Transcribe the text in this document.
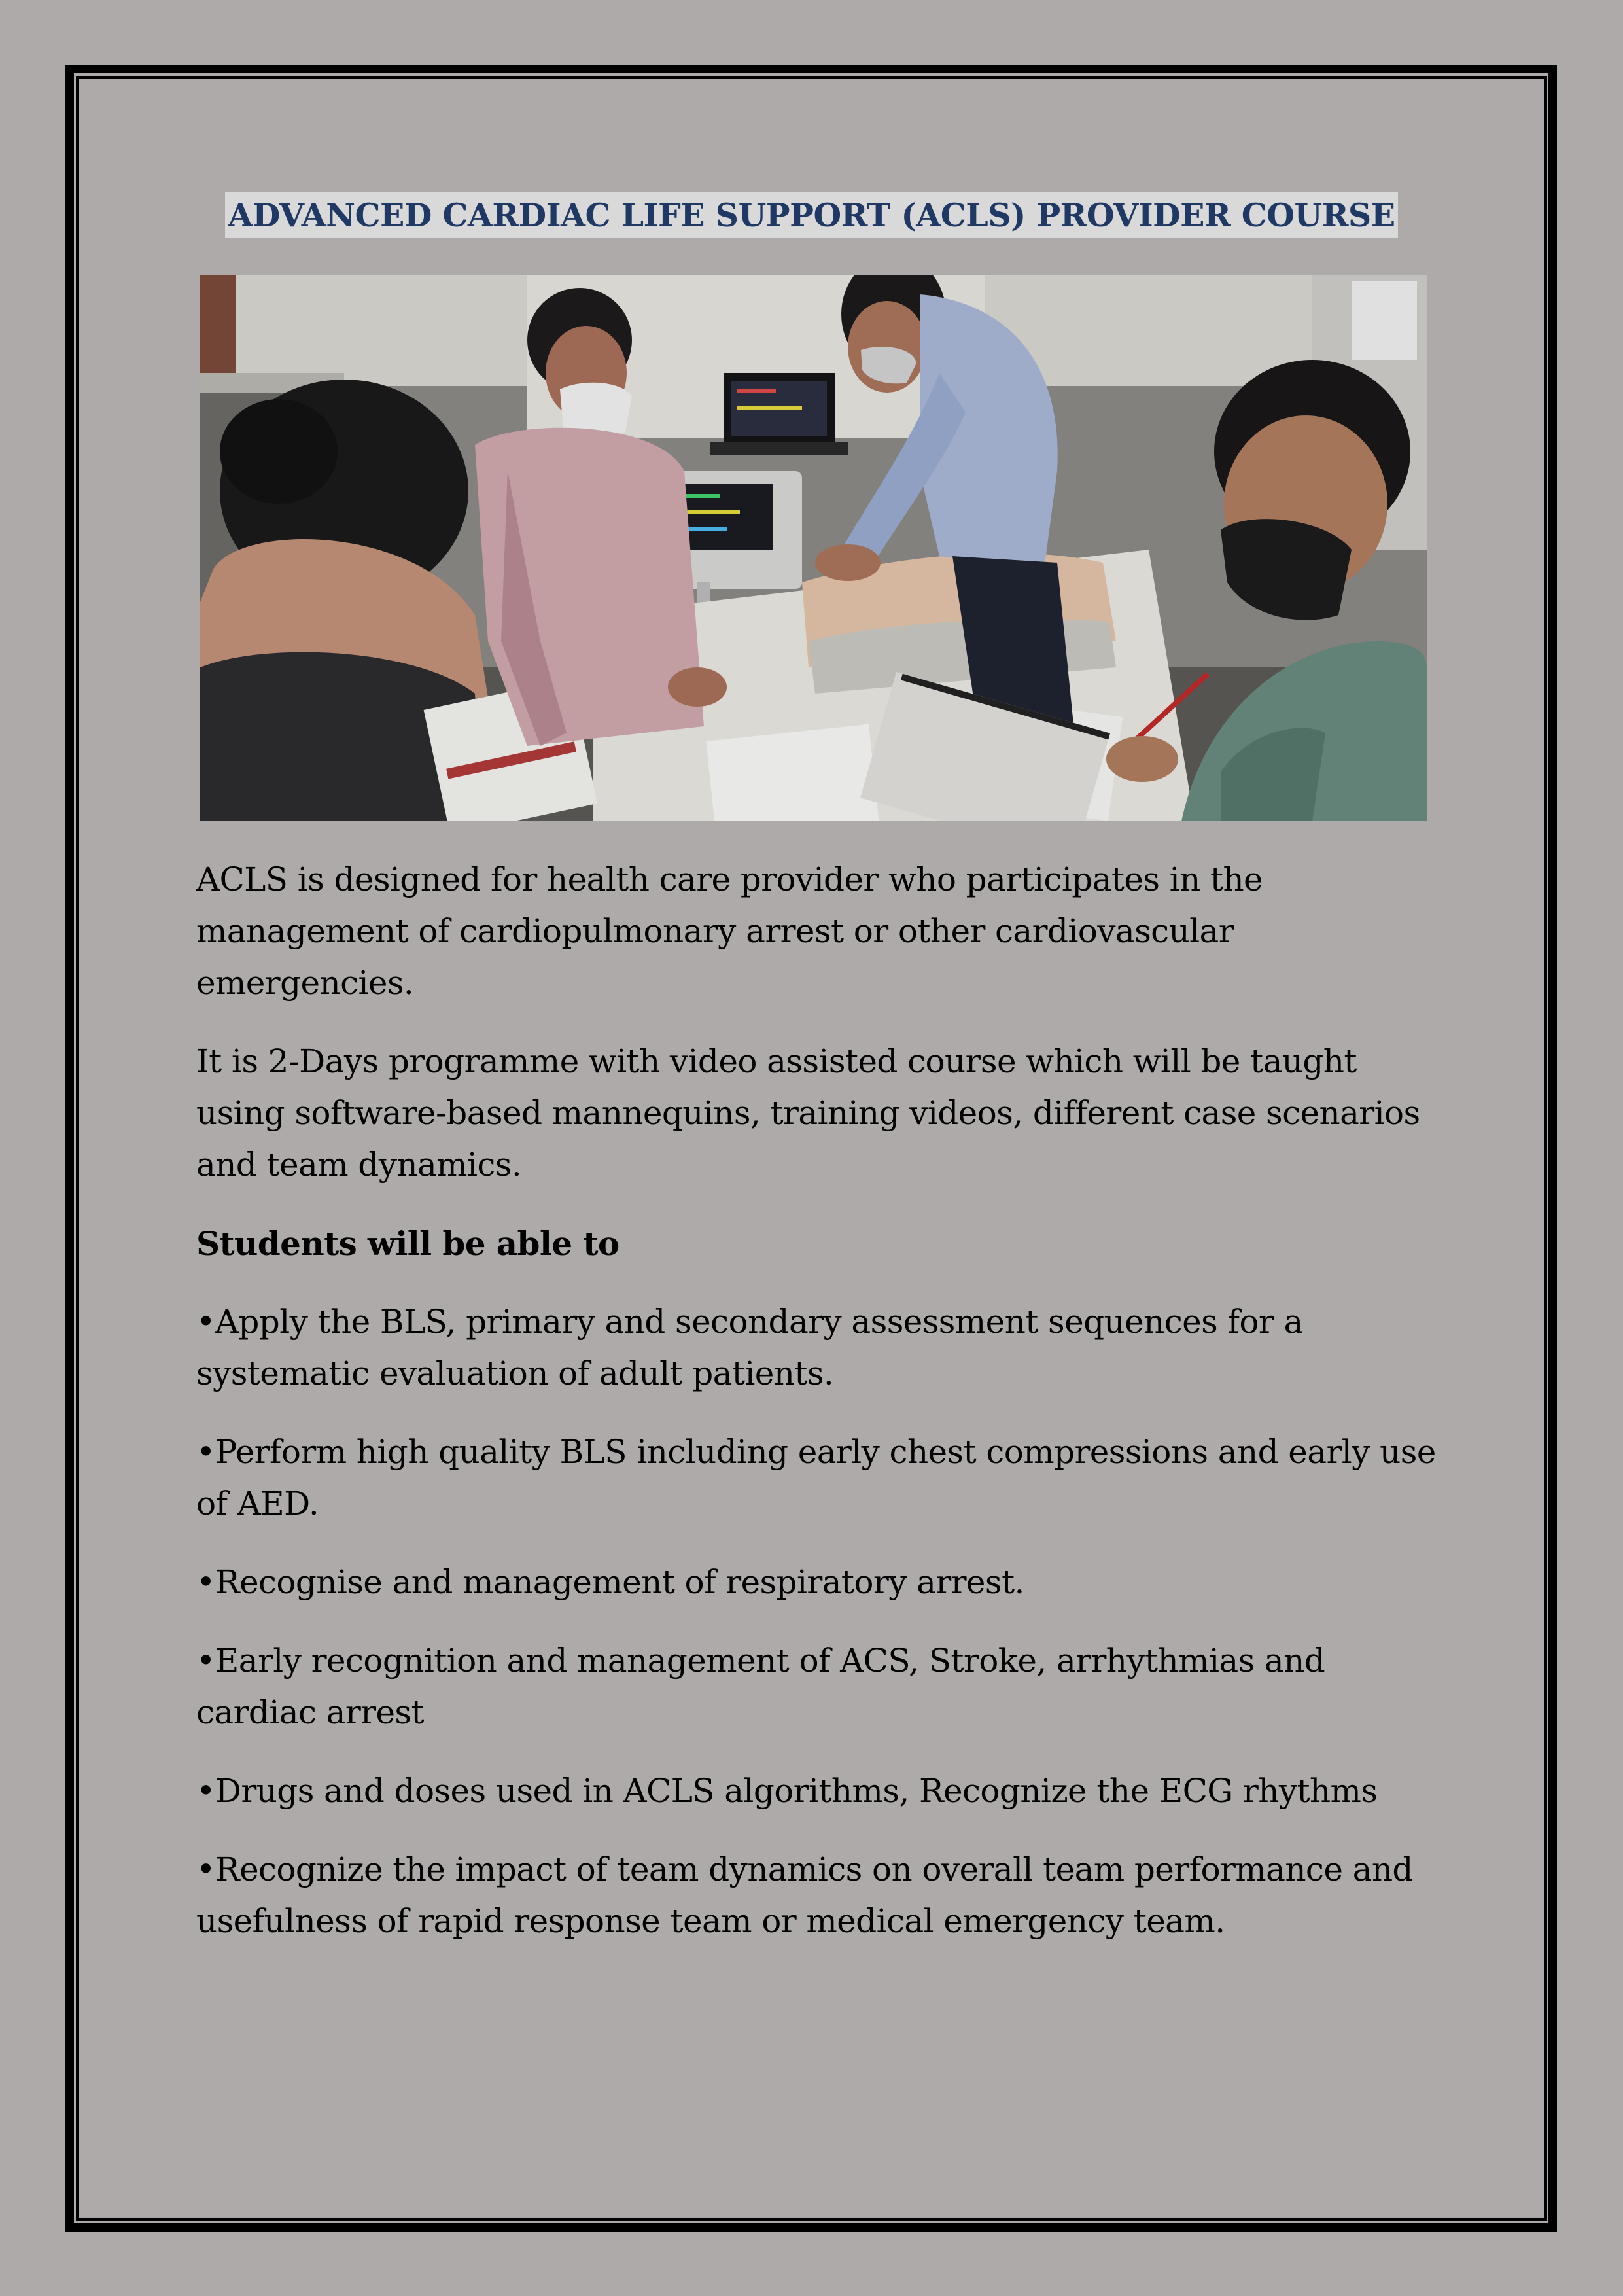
ADVANCED CARDIAC LIFE SUPPORT (ACLS) PROVIDER COURSE

ACLS is designed for health care provider who participates in the management of cardiopulmonary arrest or other cardiovascular emergencies.

It is 2-Days programme with video assisted course which will be taught using software-based mannequins, training videos, different case scenarios and team dynamics.

Students will be able to

•Apply the BLS, primary and secondary assessment sequences for a systematic evaluation of adult patients.

•Perform high quality BLS including early chest compressions and early use of AED.

•Recognise and management of respiratory arrest.

•Early recognition and management of ACS, Stroke, arrhythmias and cardiac arrest

•Drugs and doses used in ACLS algorithms, Recognize the ECG rhythms

•Recognize the impact of team dynamics on overall team performance and usefulness of rapid response team or medical emergency team.
